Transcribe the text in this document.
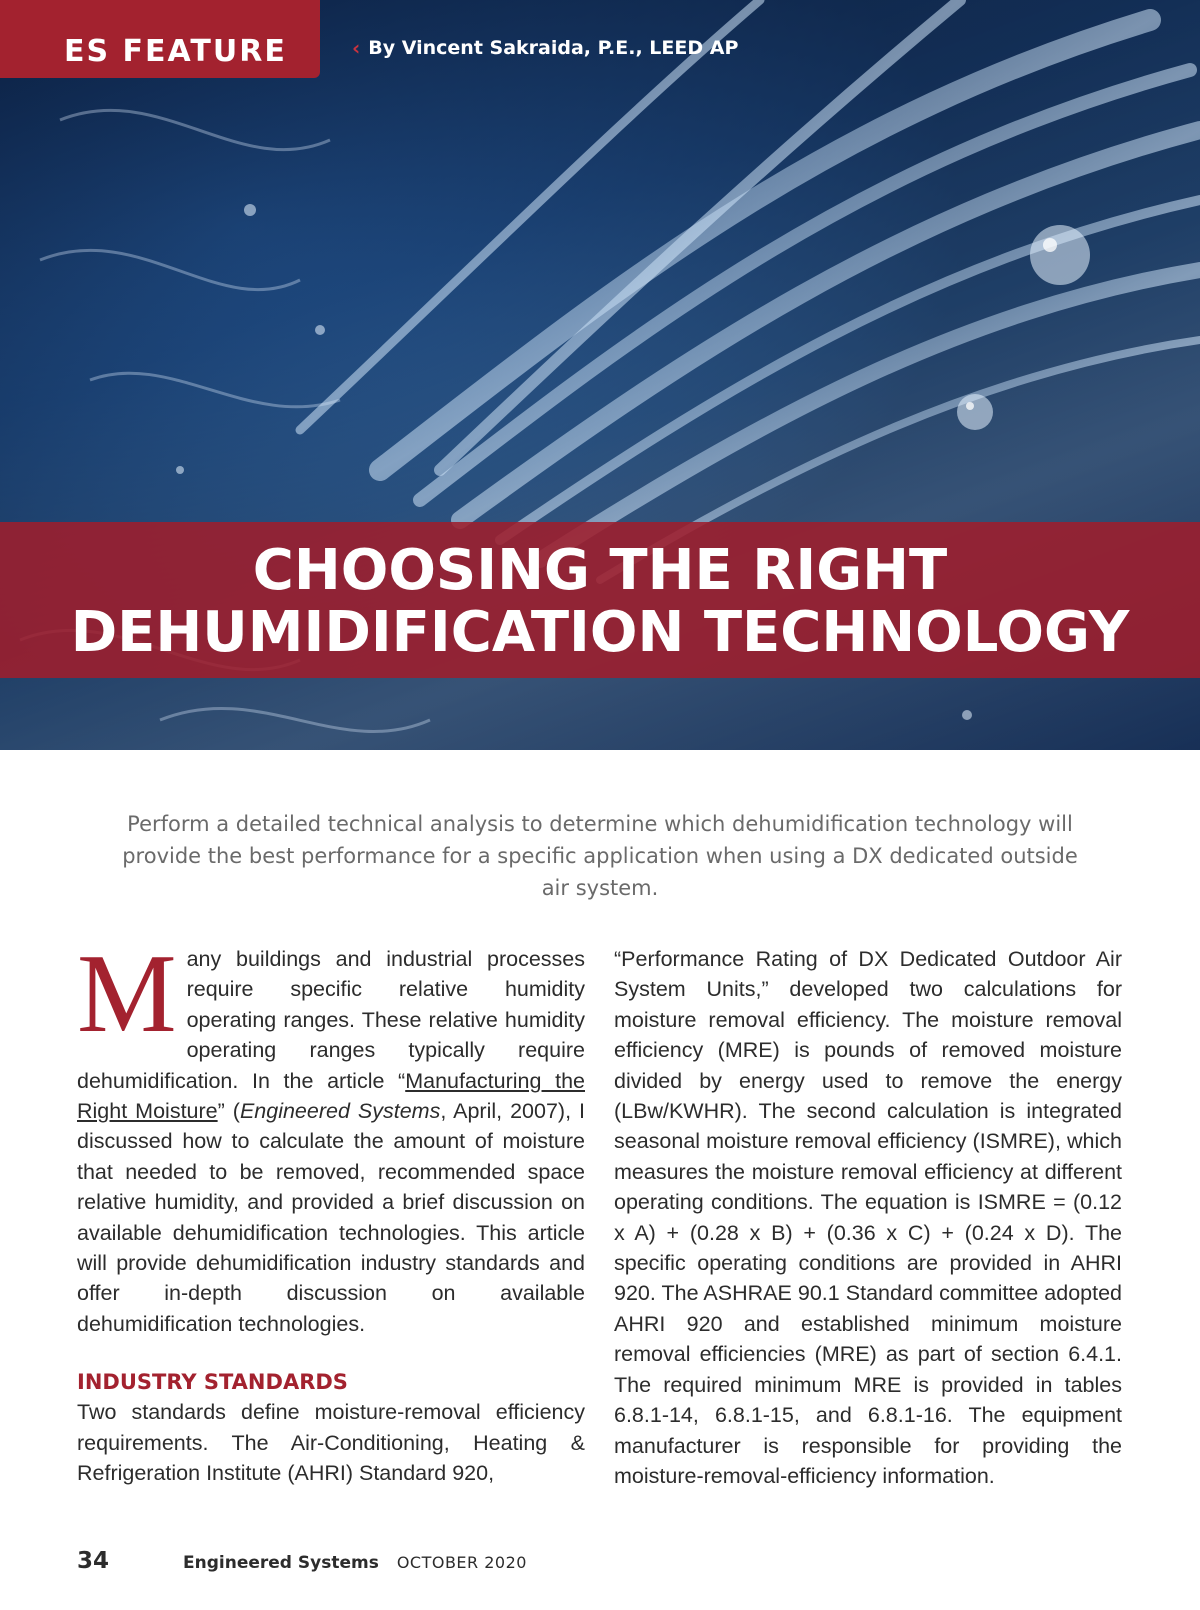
ES FEATURE	‹ By Vincent Sakraida, P.E., LEED AP
CHOOSING THE RIGHT
DEHUMIDIFICATION TECHNOLOGY

Perform a detailed technical analysis to determine which dehumidification technology will provide the best performance for a specific application when using a DX dedicated outside air system.

Many buildings and industrial processes require specific relative humidity operating ranges. These relative humidity operating ranges typically require dehumidification. In the article “Manufacturing the Right Moisture” (Engineered Systems, April, 2007), I discussed how to calculate the amount of moisture that needed to be removed, recommended space relative humidity, and provided a brief discussion on available dehumidification technologies. This article will provide dehumidification industry standards and offer in-depth discussion on available dehumidification technologies.

INDUSTRY STANDARDS

Two standards define moisture-removal efficiency requirements. The Air-Conditioning, Heating & Refrigeration Institute (AHRI) Standard 920,

“Performance Rating of DX Dedicated Outdoor Air System Units,” developed two calculations for moisture removal efficiency. The moisture removal efficiency (MRE) is pounds of removed moisture divided by energy used to remove the energy (LBw/KWHR). The second calculation is integrated seasonal moisture removal efficiency (ISMRE), which measures the moisture removal efficiency at different operating conditions. The equation is ISMRE = (0.12 x A) + (0.28 x B) + (0.36 x C) + (0.24 x D). The specific operating conditions are provided in AHRI 920. The ASHRAE 90.1 Standard committee adopted AHRI 920 and established minimum moisture removal efficiencies (MRE) as part of section 6.4.1. The required minimum MRE is provided in tables 6.8.1-14, 6.8.1-15, and 6.8.1-16. The equipment manufacturer is responsible for providing the moisture-removal-efficiency information.

34	Engineered Systems OCTOBER 2020
